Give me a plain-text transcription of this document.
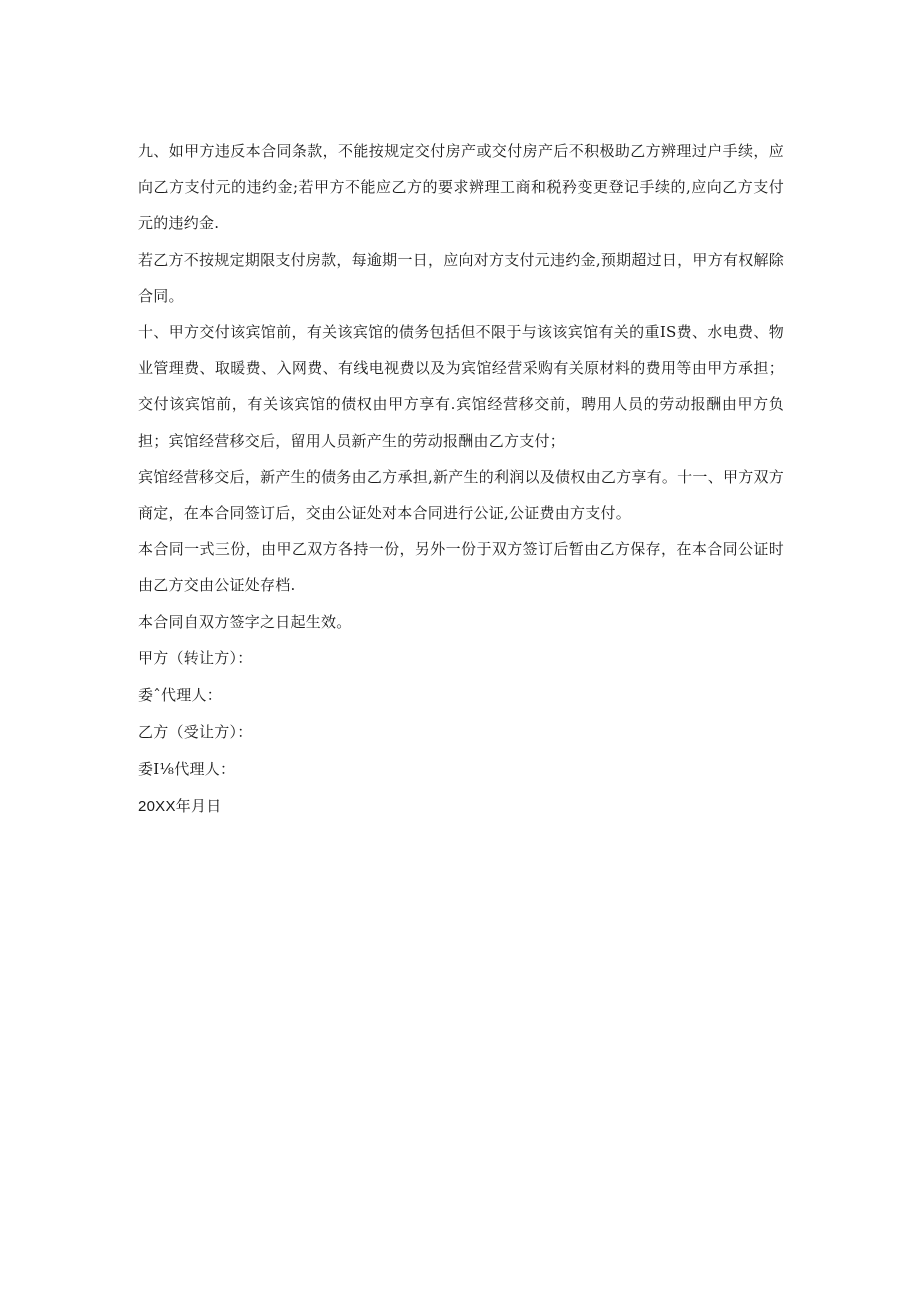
九、如甲方违反本合同条款，不能按规定交付房产或交付房产后不积极助乙方辨理过户手续，应向乙方支付元的违约金;若甲方不能应乙方的要求辨理工商和税矜变更登记手续的,应向乙方支付元的违约金.

若乙方不按规定期限支付房款，每逾期一日，应向对方支付元违约金,预期超过日，甲方有权解除合同。

十、甲方交付该宾馆前，有关该宾馆的债务包括但不限于与该该宾馆有关的重IS费、水电费、物业管理费、取暖费、入网费、有线电视费以及为宾馆经营采购有关原材料的费用等由甲方承担；交付该宾馆前，有关该宾馆的债权由甲方享有.宾馆经营移交前，聘用人员的劳动报酬由甲方负担；宾馆经营移交后，留用人员新产生的劳动报酬由乙方支付；

宾馆经营移交后，新产生的债务由乙方承担,新产生的利润以及债权由乙方享有。十一、甲方双方商定，在本合同签订后，交由公证处对本合同进行公证,公证费由方支付。

本合同一式三份，由甲乙双方各持一份，另外一份于双方签订后暂由乙方保存，在本合同公证时由乙方交由公证处存档.

本合同自双方签字之日起生效。

甲方（转让方）：

委ˆ代理人：

乙方（受让方）：

委I⅛代理人：

20XX年月日
